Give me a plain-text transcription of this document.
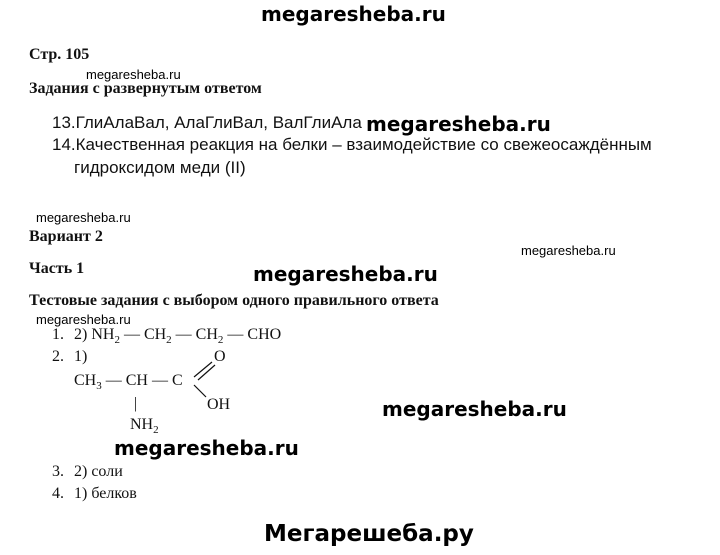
megaresheba.ru
megaresheba.ru
megaresheba.ru
megaresheba.ru
megaresheba.ru
megaresheba.ru
megaresheba.ru
megaresheba.ru
megaresheba.ru
Стр. 105
Задания с развернутым ответом
13.ГлиАлаВал, АлаГлиВал, ВалГлиАла
14.Качественная реакция на белки – взаимодействие со свежеосаждённым
гидроксидом меди (II)
Вариант 2
Часть 1
Тестовые задания с выбором одного правильного ответа
1. 2) $NH_2$ — $CH_2$ — $CH_2$ — CHO
2. 1)	O
$CH_3$ — CH — C
OH
|
$NH_2$
3. 2) соли
4. 1) белков
Мегарешеба.ру
